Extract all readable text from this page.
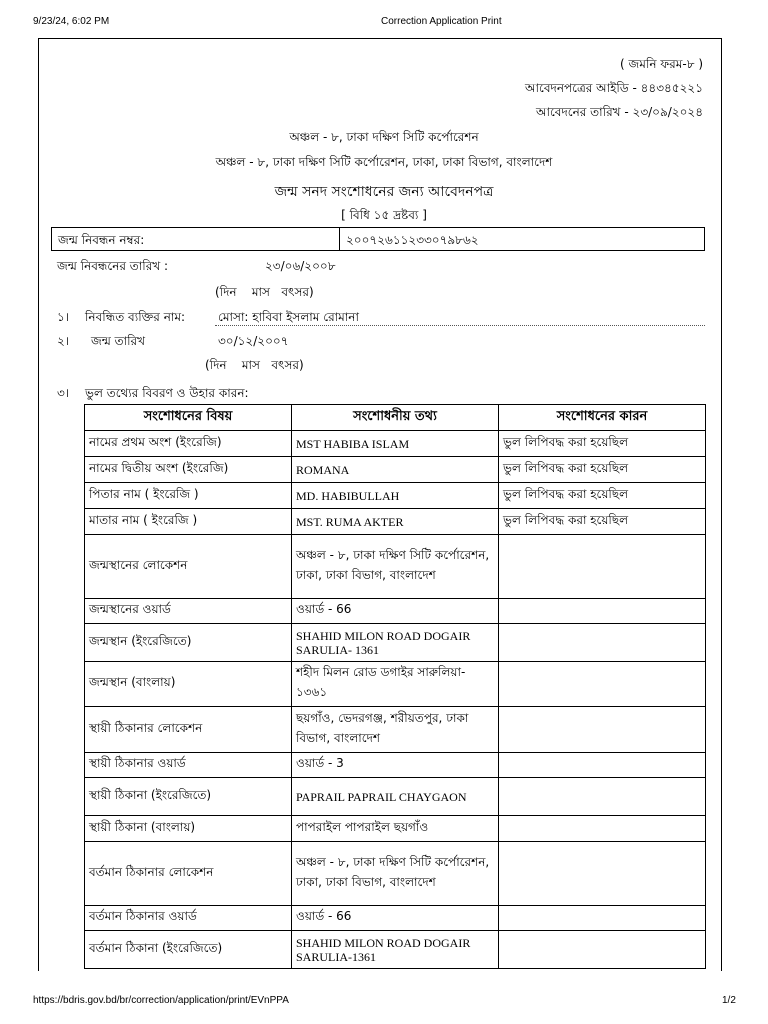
9/23/24, 6:02 PM	Correction Application Print
https://bdris.gov.bd/br/correction/application/print/EVnPPA	1/2
( জমনি ফরম-৮ )
আবেদনপত্রের আইডি - ৪৪৩৪৫২২১
আবেদনের তারিখ - ২৩/০৯/২০২৪
অঞ্চল - ৮, ঢাকা দক্ষিণ সিটি কর্পোরেশন
অঞ্চল - ৮, ঢাকা দক্ষিণ সিটি কর্পোরেশন, ঢাকা, ঢাকা বিভাগ, বাংলাদেশ
জন্ম সনদ সংশোধনের জন্য আবেদনপত্র
[ বিধি ১৫ দ্রষ্টব্য ]
জন্ম নিবন্ধন নম্বর:	২০০৭২৬১১২৩৩০৭৯৮৬২
জন্ম নিবন্ধনের তারিখ :	২৩/০৬/২০০৮
(দিন    মাস   বৎসর)
১। নিবন্ধিত ব্যক্তির নাম:	মোসা: হাবিবা ইসলাম রোমানা
২। জন্ম তারিখ	৩০/১২/২০০৭
(দিন    মাস   বৎসর)
৩। ভুল তথ্যের বিবরণ ও উহার কারন:
সংশোধনের বিষয়	সংশোধনীয় তথ্য	সংশোধনের কারন
নামের প্রথম অংশ (ইংরেজি)	MST HABIBA ISLAM	ভুল লিপিবদ্ধ করা হয়েছিল
নামের দ্বিতীয় অংশ (ইংরেজি)	ROMANA	ভুল লিপিবদ্ধ করা হয়েছিল
পিতার নাম ( ইংরেজি )	MD. HABIBULLAH	ভুল লিপিবদ্ধ করা হয়েছিল
মাতার নাম ( ইংরেজি )	MST. RUMA AKTER	ভুল লিপিবদ্ধ করা হয়েছিল
জন্মস্থানের লোকেশন	অঞ্চল - ৮, ঢাকা দক্ষিণ সিটি কর্পোরেশন, ঢাকা, ঢাকা বিভাগ, বাংলাদেশ	
জন্মস্থানের ওয়ার্ড	ওয়ার্ড - 66	
জন্মস্থান (ইংরেজিতে)	SHAHID MILON ROAD DOGAIR SARULIA- 1361	
জন্মস্থান (বাংলায়)	শহীদ মিলন রোড ডগাইর সারুলিয়া- ১৩৬১	
স্থায়ী ঠিকানার লোকেশন	ছয়গাঁও, ভেদরগঞ্জ, শরীয়তপুর, ঢাকা বিভাগ, বাংলাদেশ	
স্থায়ী ঠিকানার ওয়ার্ড	ওয়ার্ড - 3	
স্থায়ী ঠিকানা (ইংরেজিতে)	PAPRAIL PAPRAIL CHAYGAON	
স্থায়ী ঠিকানা (বাংলায়)	পাপরাইল পাপরাইল ছয়গাঁও	
বর্তমান ঠিকানার লোকেশন	অঞ্চল - ৮, ঢাকা দক্ষিণ সিটি কর্পোরেশন, ঢাকা, ঢাকা বিভাগ, বাংলাদেশ	
বর্তমান ঠিকানার ওয়ার্ড	ওয়ার্ড - 66	
বর্তমান ঠিকানা (ইংরেজিতে)	SHAHID MILON ROAD DOGAIR SARULIA-1361	
